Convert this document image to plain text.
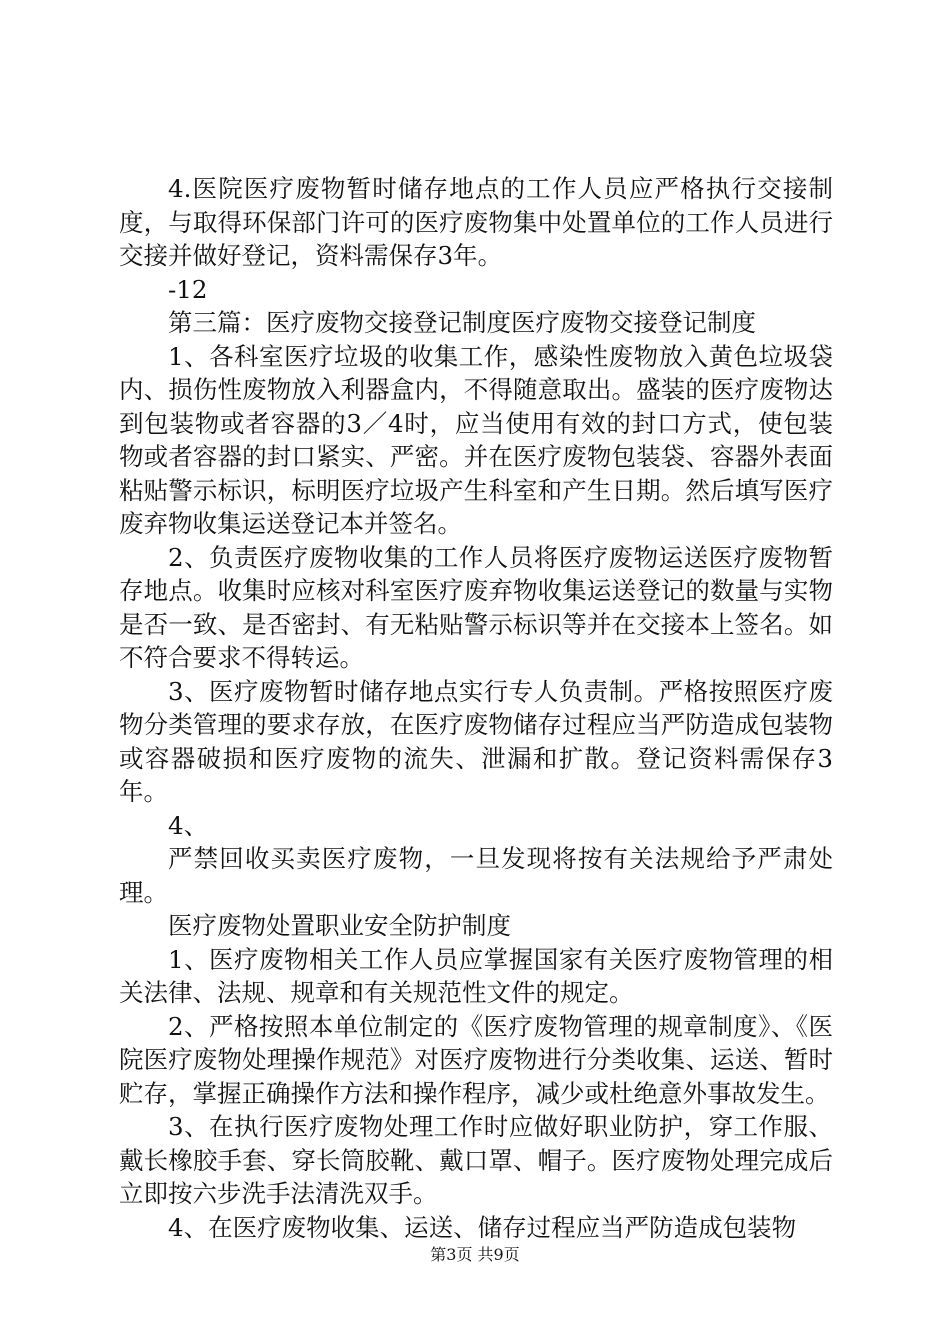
4.医院医疗废物暂时储存地点的工作人员应严格执行交接制度，与取得环保部门许可的医疗废物集中处置单位的工作人员进行交接并做好登记，资料需保存3年。

-12

第三篇：医疗废物交接登记制度医疗废物交接登记制度

1、各科室医疗垃圾的收集工作，感染性废物放入黄色垃圾袋内、损伤性废物放入利器盒内，不得随意取出。盛装的医疗废物达到包装物或者容器的3／4时，应当使用有效的封口方式，使包装物或者容器的封口紧实、严密。并在医疗废物包装袋、容器外表面粘贴警示标识，标明医疗垃圾产生科室和产生日期。然后填写医疗废弃物收集运送登记本并签名。

2、负责医疗废物收集的工作人员将医疗废物运送医疗废物暂存地点。收集时应核对科室医疗废弃物收集运送登记的数量与实物是否一致、是否密封、有无粘贴警示标识等并在交接本上签名。如不符合要求不得转运。

3、医疗废物暂时储存地点实行专人负责制。严格按照医疗废物分类管理的要求存放，在医疗废物储存过程应当严防造成包装物或容器破损和医疗废物的流失、泄漏和扩散。登记资料需保存3年。

4、

严禁回收买卖医疗废物，一旦发现将按有关法规给予严肃处理。

医疗废物处置职业安全防护制度

1、医疗废物相关工作人员应掌握国家有关医疗废物管理的相关法律、法规、规章和有关规范性文件的规定。

2、严格按照本单位制定的《医疗废物管理的规章制度》、《医院医疗废物处理操作规范》对医疗废物进行分类收集、运送、暂时贮存，掌握正确操作方法和操作程序，减少或杜绝意外事故发生。

3、在执行医疗废物处理工作时应做好职业防护，穿工作服、戴长橡胶手套、穿长筒胶靴、戴口罩、帽子。医疗废物处理完成后立即按六步洗手法清洗双手。

4、在医疗废物收集、运送、储存过程应当严防造成包装物

第3页 共9页
